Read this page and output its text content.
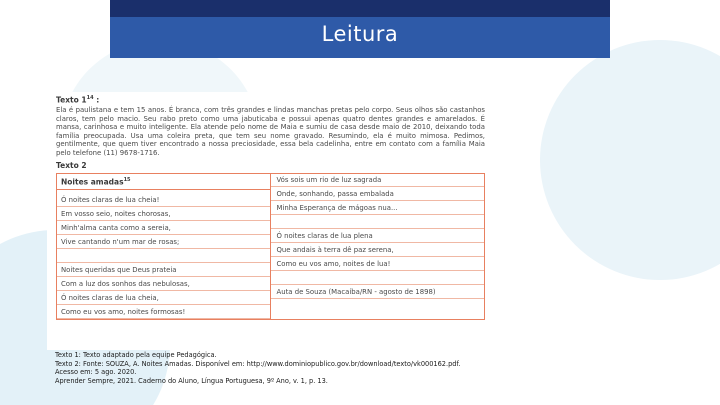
Leitura
Texto $1^{14}$ :
Ela é paulistana e tem 15 anos. É branca, com três grandes e lindas manchas pretas pelo corpo. Seus olhos são castanhos claros, tem pelo macio. Seu rabo preto como uma jabuticaba e possui apenas quatro dentes grandes e amarelados. É mansa, carinhosa e muito inteligente. Ela atende pelo nome de Maia e sumiu de casa desde maio de 2010, deixando toda família preocupada. Usa uma coleira preta, que tem seu nome gravado. Resumindo, ela é muito mimosa. Pedimos, gentilmente, que quem tiver encontrado a nossa preciosidade, essa bela cadelinha, entre em contato com a família Maia pelo telefone (11) 9678-1716.
Texto 2
Noites amadas$^{15}$
Ó noites claras de lua cheia!
Em vosso seio, noites chorosas,
Minh'alma canta como a sereia,
Vive cantando n'um mar de rosas;
Noites queridas que Deus prateia
Com a luz dos sonhos das nebulosas,
Ó noites claras de lua cheia,
Como eu vos amo, noites formosas!
Vós sois um rio de luz sagrada
Onde, sonhando, passa embalada
Minha Esperança de mágoas nua...
Ó noites claras de lua plena
Que andais à terra dê paz serena,
Como eu vos amo, noites de lua!
Auta de Souza (Macaíba/RN - agosto de 1898)
Texto 1: Texto adaptado pela equipe Pedagógica.
Texto 2: Fonte: SOUZA, A. Noites Amadas. Disponível em: http://www.dominiopublico.gov.br/download/texto/vk000162.pdf.
Acesso em: 5 ago. 2020.
Aprender Sempre, 2021. Caderno do Aluno, Língua Portuguesa, 9º Ano, v. 1, p. 13.
